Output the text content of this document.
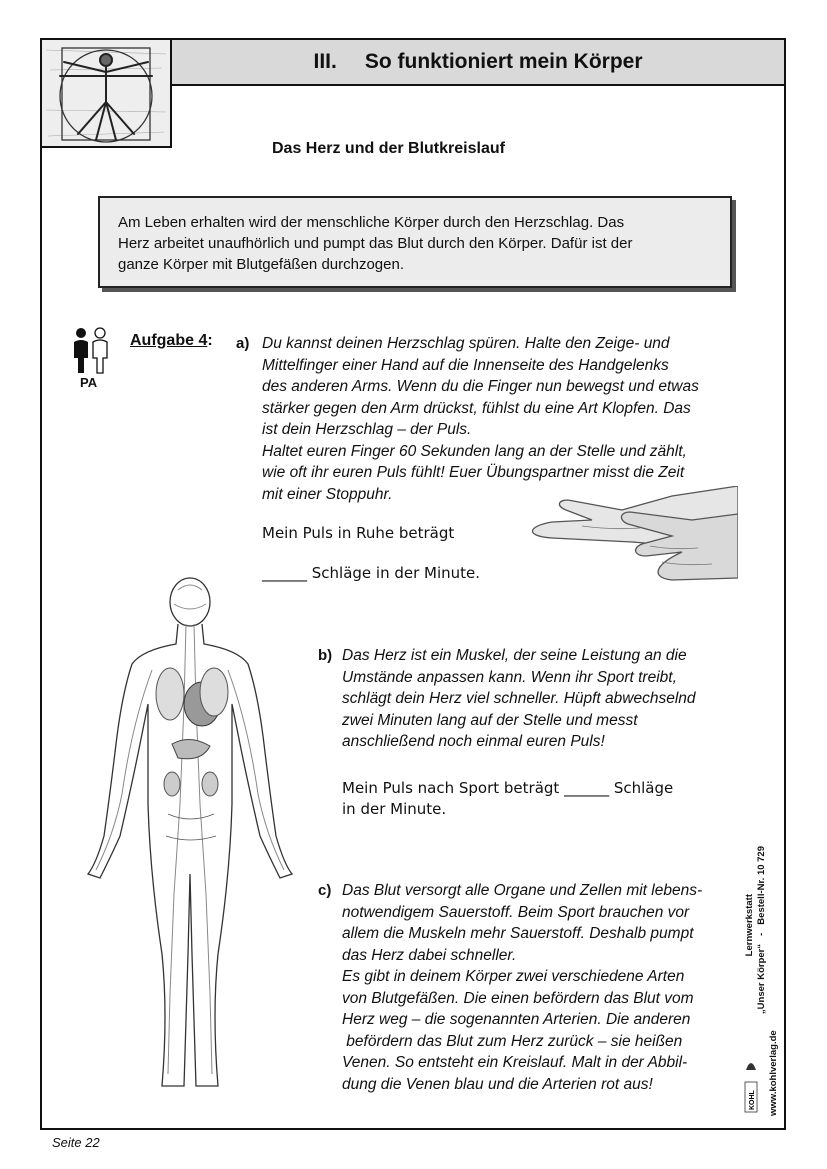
III. So funktioniert mein Körper
Das Herz und der Blutkreislauf
Am Leben erhalten wird der menschliche Körper durch den Herzschlag. Das
Herz arbeitet unaufhörlich und pumpt das Blut durch den Körper. Dafür ist der
ganze Körper mit Blutgefäßen durchzogen.
PA
Aufgabe 4: a) Du kannst deinen Herzschlag spüren. Halte den Zeige- und

Mittelfinger einer Hand auf die Innenseite des Handgelenks

des anderen Arms. Wenn du die Finger nun bewegst und etwas

stärker gegen den Arm drückst, fühlst du eine Art Klopfen. Das

ist dein Herzschlag – der Puls.

Haltet euren Finger 60 Sekunden lang an der Stelle und zählt,

wie oft ihr euren Puls fühlt! Euer Übungspartner misst die Zeit

mit einer Stoppuhr.

Mein Puls in Ruhe beträgt
______ Schläge in der Minute.
b) Das Herz ist ein Muskel, der seine Leistung an die

Umstände anpassen kann. Wenn ihr Sport treibt,

schlägt dein Herz viel schneller. Hüpft abwechselnd

zwei Minuten lang auf der Stelle und messt

anschließend noch einmal euren Puls!

Mein Puls nach Sport beträgt ______ Schläge
in der Minute.
c) Das Blut versorgt alle Organe und Zellen mit lebens-

notwendigem Sauerstoff. Beim Sport brauchen vor

allem die Muskeln mehr Sauerstoff. Deshalb pumpt

das Herz dabei schneller.

Es gibt in deinem Körper zwei verschiedene Arten

von Blutgefäßen. Die einen befördern das Blut vom

Herz weg – die sogenannten Arterien. Die anderen

befördern das Blut zum Herz zurück – sie heißen

Venen. So entsteht ein Kreislauf. Malt in der Abbil-

dung die Venen blau und die Arterien rot aus!

Lernwerkstatt
„Unser Körper“
-
Bestell-Nr. 10 729
www.kohlverlag.de
KOHL
Seite 22
